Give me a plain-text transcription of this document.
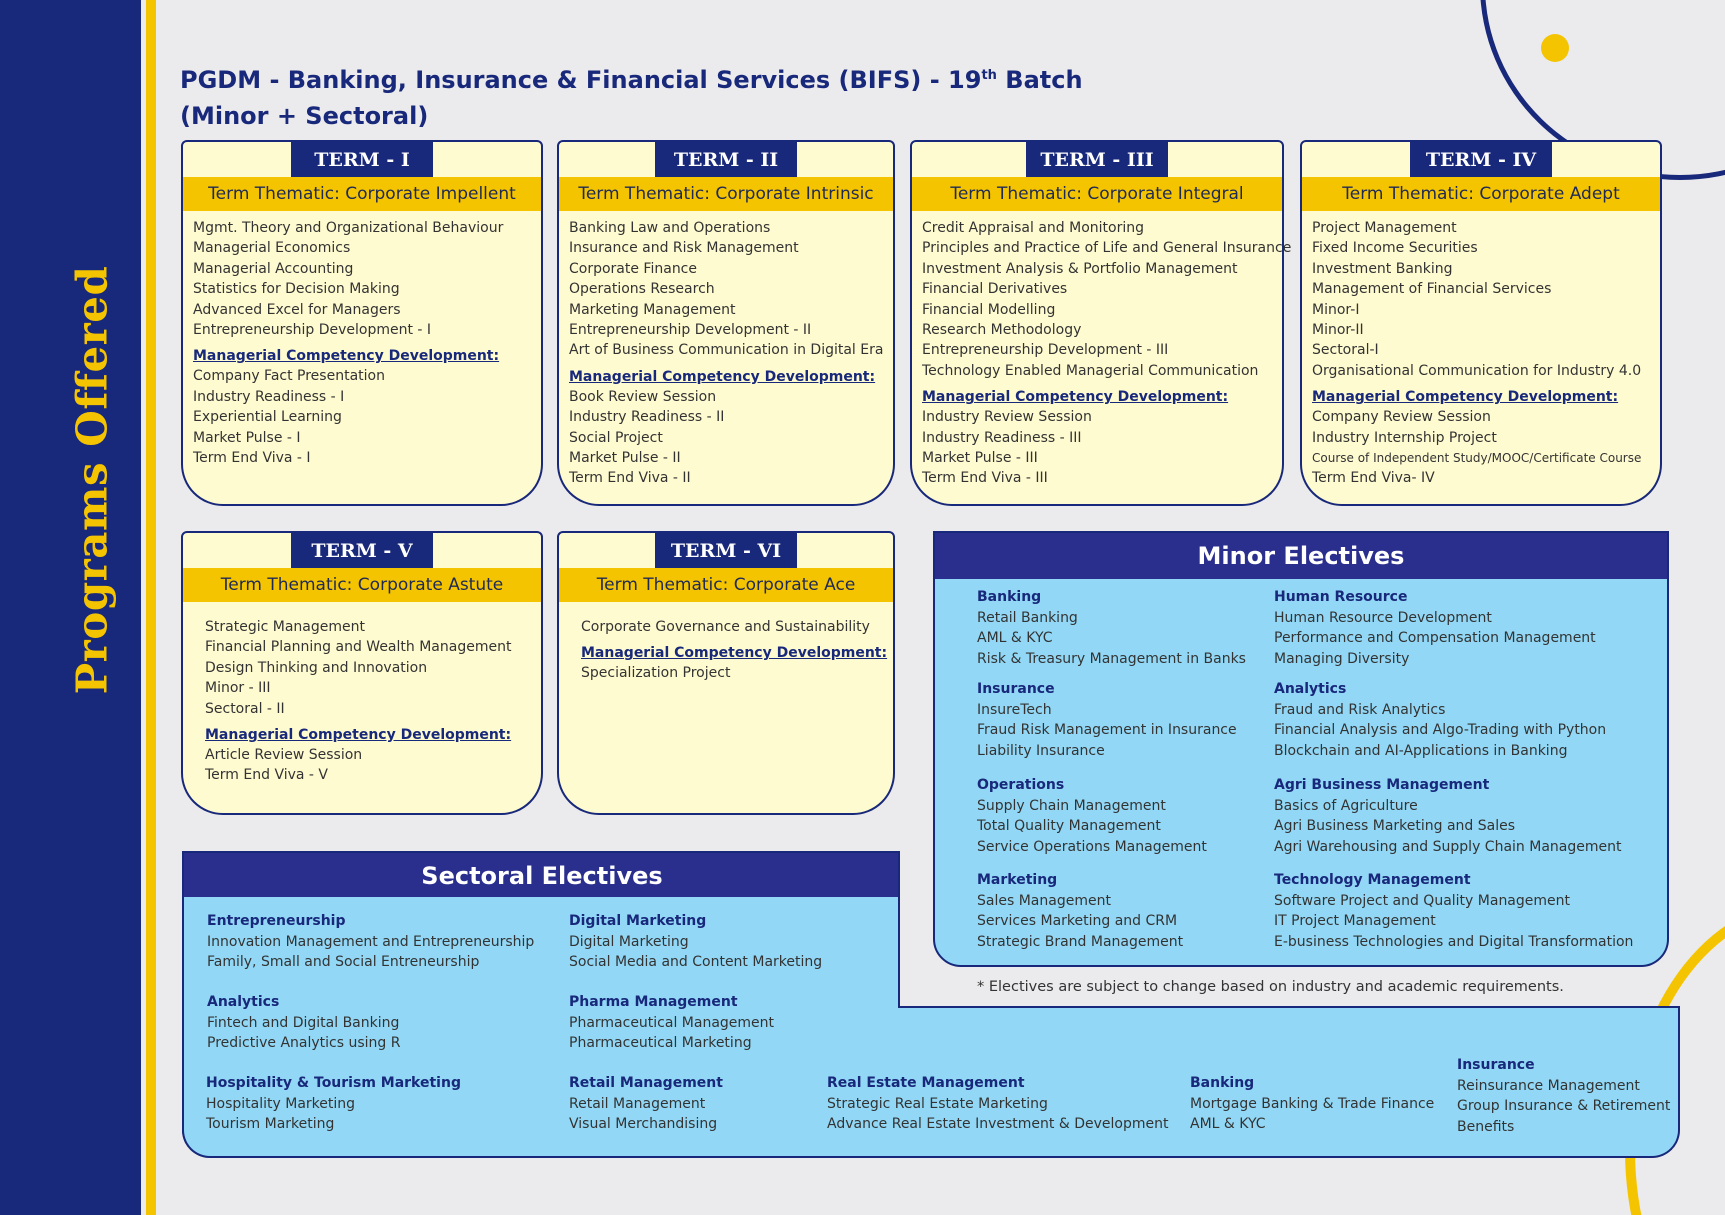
Programs Offered
PGDM - Banking, Insurance & Financial Services (BIFS) - 19th Batch
(Minor + Sectoral)
TERM - I
Term Thematic: Corporate Impellent
Mgmt. Theory and Organizational Behaviour
Managerial Economics
Managerial Accounting
Statistics for Decision Making
Advanced Excel for Managers
Entrepreneurship Development - I
Managerial Competency Development:
Company Fact Presentation
Industry Readiness - I
Experiential Learning
Market Pulse - I
Term End Viva - I
TERM - II
Term Thematic: Corporate Intrinsic
Banking Law and Operations
Insurance and Risk Management
Corporate Finance
Operations Research
Marketing Management
Entrepreneurship Development - II
Art of Business Communication in Digital Era
Managerial Competency Development:
Book Review Session
Industry Readiness - II
Social Project
Market Pulse - II
Term End Viva - II
TERM - III
Term Thematic: Corporate Integral
Credit Appraisal and Monitoring
Principles and Practice of Life and General Insurance
Investment Analysis & Portfolio Management
Financial Derivatives
Financial Modelling
Research Methodology
Entrepreneurship Development - III
Technology Enabled Managerial Communication
Managerial Competency Development:
Industry Review Session
Industry Readiness - III
Market Pulse - III
Term End Viva - III
TERM - IV
Term Thematic: Corporate Adept
Project Management
Fixed Income Securities
Investment Banking
Management of Financial Services
Minor-I
Minor-II
Sectoral-I
Organisational Communication for Industry 4.0
Managerial Competency Development:
Company Review Session
Industry Internship Project
Course of Independent Study/MOOC/Certificate Course
Term End Viva- IV
TERM - V
Term Thematic: Corporate Astute
Strategic Management
Financial Planning and Wealth Management
Design Thinking and Innovation
Minor - III
Sectoral - II
Managerial Competency Development:
Article Review Session
Term End Viva - V
TERM - VI
Term Thematic: Corporate Ace
Corporate Governance and Sustainability
Managerial Competency Development:
Specialization Project
Minor Electives
Banking
Retail Banking
AML & KYC
Risk & Treasury Management in Banks
Human Resource
Human Resource Development
Performance and Compensation Management
Managing Diversity
Insurance
InsureTech
Fraud Risk Management in Insurance
Liability Insurance
Analytics
Fraud and Risk Analytics
Financial Analysis and Algo-Trading with Python
Blockchain and AI-Applications in Banking
Operations
Supply Chain Management
Total Quality Management
Service Operations Management
Agri Business Management
Basics of Agriculture
Agri Business Marketing and Sales
Agri Warehousing and Supply Chain Management
Marketing
Sales Management
Services Marketing and CRM
Strategic Brand Management
Technology Management
Software Project and Quality Management
IT Project Management
E-business Technologies and Digital Transformation
Sectoral Electives
Entrepreneurship
Innovation Management and Entrepreneurship
Family, Small and Social Entreneurship
Digital Marketing
Digital Marketing
Social Media and Content Marketing
Analytics
Fintech and Digital Banking
Predictive Analytics using R
Pharma Management
Pharmaceutical Management
Pharmaceutical Marketing
Hospitality & Tourism Marketing
Hospitality Marketing
Tourism Marketing
Retail Management
Retail Management
Visual Merchandising
Real Estate Management
Strategic Real Estate Marketing
Advance Real Estate Investment & Development
Banking
Mortgage Banking & Trade Finance
AML & KYC
Insurance
Reinsurance Management
Group Insurance & Retirement
Benefits
* Electives are subject to change based on industry and academic requirements.
